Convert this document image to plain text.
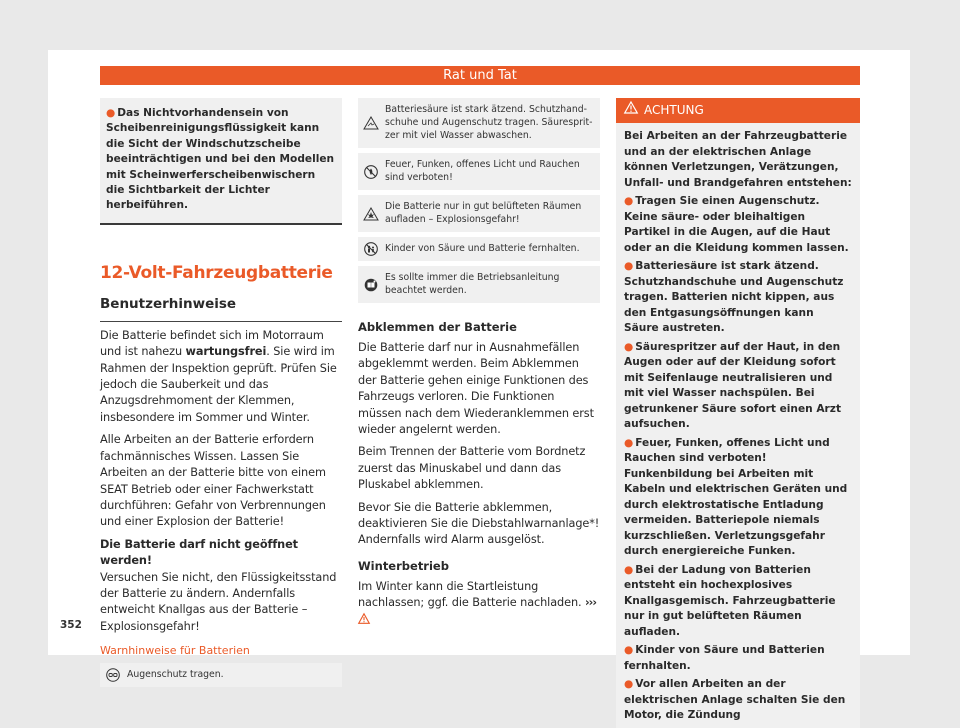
Rat und Tat
● Das Nichtvorhandensein von Scheibenreinigungsflüssigkeit kann die Sicht der Windschutzscheibe beeinträchtigen und bei den Modellen mit Scheinwerferscheibenwischern die Sichtbarkeit der Lichter herbeiführen.
12-Volt-Fahrzeugbatterie
Benutzerhinweise

Die Batterie befindet sich im Motorraum und ist nahezu wartungsfrei. Sie wird im Rahmen der Inspektion geprüft. Prüfen Sie jedoch die Sauberkeit und das Anzugsdrehmoment der Klemmen, insbesondere im Sommer und Winter.

Alle Arbeiten an der Batterie erfordern fachmännisches Wissen. Lassen Sie Arbeiten an der Batterie bitte von einem SEAT Betrieb oder einer Fachwerkstatt durchführen: Gefahr von Verbrennungen und einer Explosion der Batterie!

Die Batterie darf nicht geöffnet werden!
Versuchen Sie nicht, den Flüssigkeitsstand der Batterie zu ändern. Andernfalls entweicht Knallgas aus der Batterie – Explosionsgefahr!

Warnhinweise für Batterien
Augenschutz tragen.
Batteriesäure ist stark ätzend. Schutzhandschuhe und Augenschutz tragen. Säurespritzer mit viel Wasser abwaschen.
Feuer, Funken, offenes Licht und Rauchen sind verboten!
Die Batterie nur in gut belüfteten Räumen aufladen – Explosionsgefahr!
Kinder von Säure und Batterie fernhalten.
Es sollte immer die Betriebsanleitung beachtet werden.
Abklemmen der Batterie

Die Batterie darf nur in Ausnahmefällen abgeklemmt werden. Beim Abklemmen der Batterie gehen einige Funktionen des Fahrzeugs verloren. Die Funktionen müssen nach dem Wiederanklemmen erst wieder angelernt werden.

Beim Trennen der Batterie vom Bordnetz zuerst das Minuskabel und dann das Pluskabel abklemmen.

Bevor Sie die Batterie abklemmen, deaktivieren Sie die Diebstahlwarnanlage*! Andernfalls wird Alarm ausgelöst.

Winterbetrieb

Im Winter kann die Startleistung nachlassen; ggf. die Batterie nachladen. ›››

ACHTUNG
Bei Arbeiten an der Fahrzeugbatterie und an der elektrischen Anlage können Verletzungen, Verätzungen, Unfall- und Brandgefahren entstehen:
● Tragen Sie einen Augenschutz. Keine säure- oder bleihaltigen Partikel in die Augen, auf die Haut oder an die Kleidung kommen lassen.
● Batteriesäure ist stark ätzend. Schutzhandschuhe und Augenschutz tragen. Batterien nicht kippen, aus den Entgasungsöffnungen kann Säure austreten.
● Säurespritzer auf der Haut, in den Augen oder auf der Kleidung sofort mit Seifenlauge neutralisieren und mit viel Wasser nachspülen. Bei getrunkener Säure sofort einen Arzt aufsuchen.
● Feuer, Funken, offenes Licht und Rauchen sind verboten! Funkenbildung bei Arbeiten mit Kabeln und elektrischen Geräten und durch elektrostatische Entladung vermeiden. Batteriepole niemals kurzschließen. Verletzungsgefahr durch energiereiche Funken.
● Bei der Ladung von Batterien entsteht ein hochexplosives Knallgasgemisch. Fahrzeugbatterie nur in gut belüfteten Räumen aufladen.
● Kinder von Säure und Batterien fernhalten.
● Vor allen Arbeiten an der elektrischen Anlage schalten Sie den Motor, die Zündung
352
